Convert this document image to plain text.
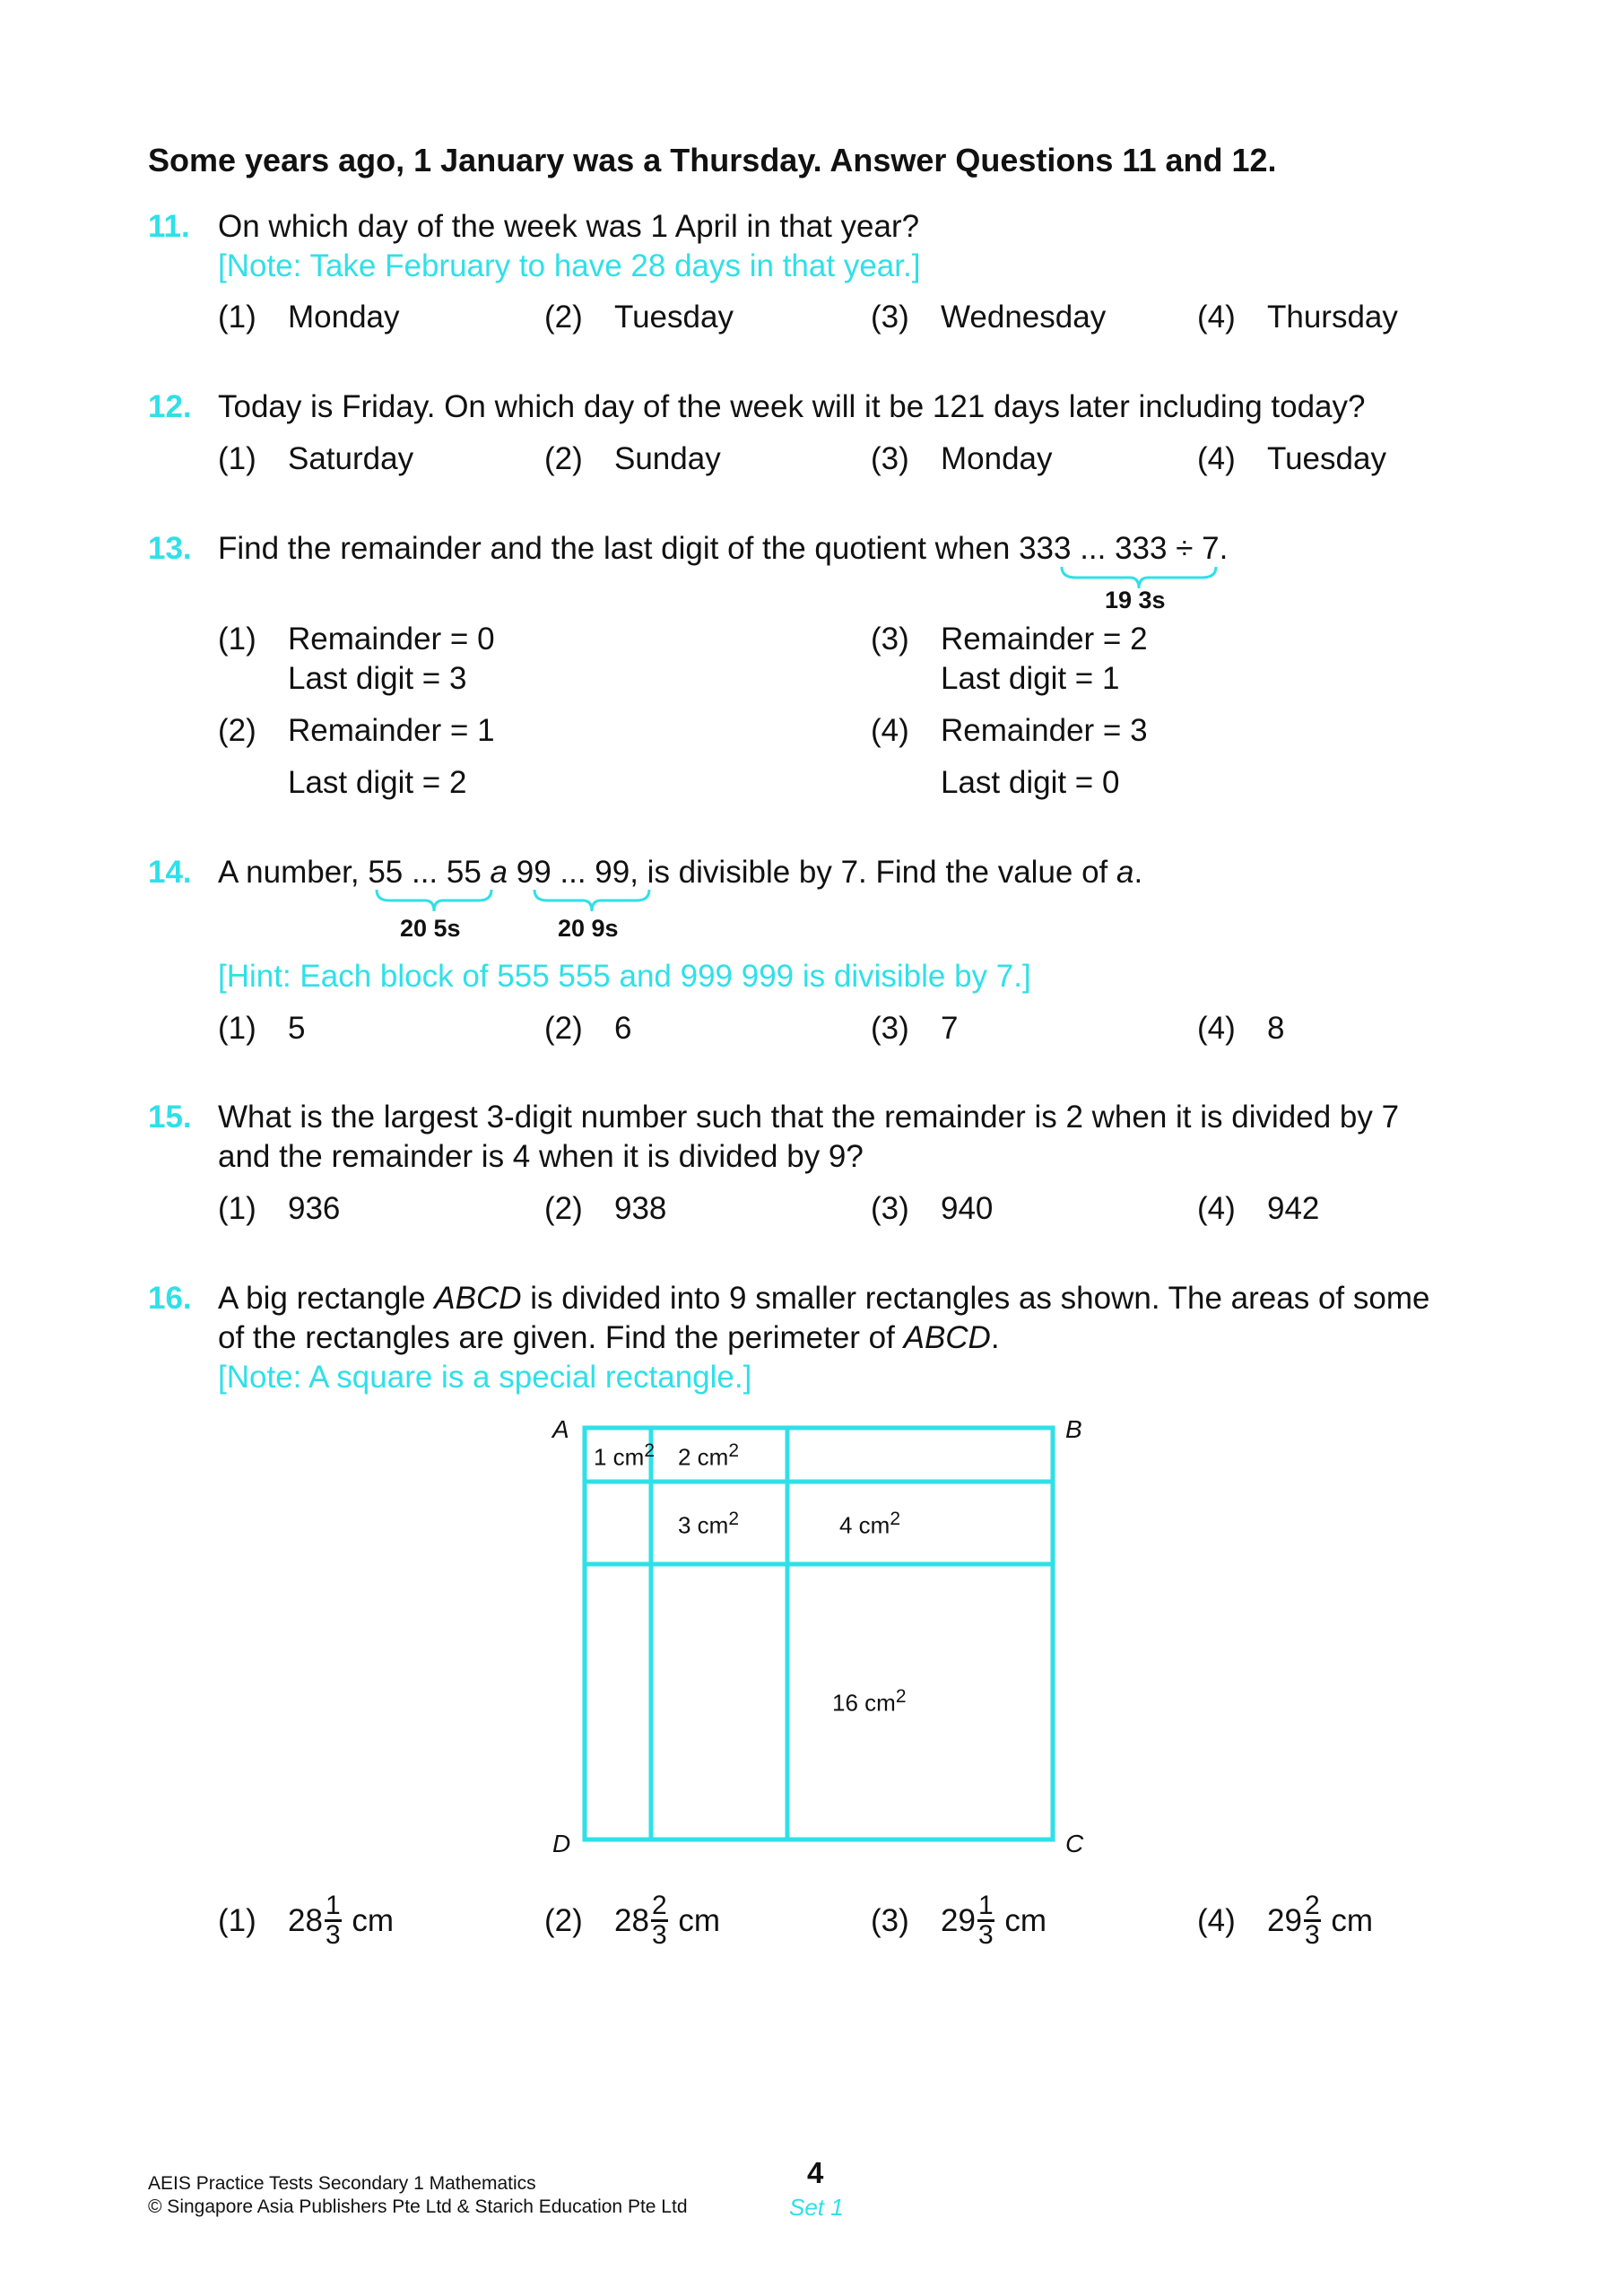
Some years ago, 1 January was a Thursday. Answer Questions 11 and 12.
11. On which day of the week was 1 April in that year?
[Note: Take February to have 28 days in that year.]
(1) Monday	(2) Tuesday	(3) Wednesday	(4) Thursday
12. Today is Friday. On which day of the week will it be 121 days later including today?
(1) Saturday	(2) Sunday	(3) Monday	(4) Tuesday
13. Find the remainder and the last digit of the quotient when 333 ... 333 ÷ 7.
19 3s
(1) Remainder = 0
Last digit = 3
(2) Remainder = 1
Last digit = 2
(3) Remainder = 2
Last digit = 1
(4) Remainder = 3
Last digit = 0
14. A number, 55 ... 55 a 99 ... 99, is divisible by 7. Find the value of a.
20 5s	20 9s
[Hint: Each block of 555 555 and 999 999 is divisible by 7.]
(1) 5	(2) 6	(3) 7	(4) 8
15. What is the largest 3-digit number such that the remainder is 2 when it is divided by 7
and the remainder is 4 when it is divided by 9?
(1) 936	(2) 938	(3) 940	(4) 942
16. A big rectangle ABCD is divided into 9 smaller rectangles as shown. The areas of some
of the rectangles are given. Find the perimeter of ABCD.
[Note: A square is a special rectangle.]
A	B
C
D
1 $cm^2$ 2 $cm^2$
3 $cm^2$	4 $cm^2$
16 $cm^2$
(1) $28 \frac{1}{3}$ cm	(2) $28 \frac{2}{3}$ cm	(3) $29 \frac{1}{3}$ cm	(4) $29 \frac{2}{3}$ cm
AEIS Practice Tests Secondary 1 Mathematics
© Singapore Asia Publishers Pte Ltd & Starich Education Pte Ltd
4
Set 1
